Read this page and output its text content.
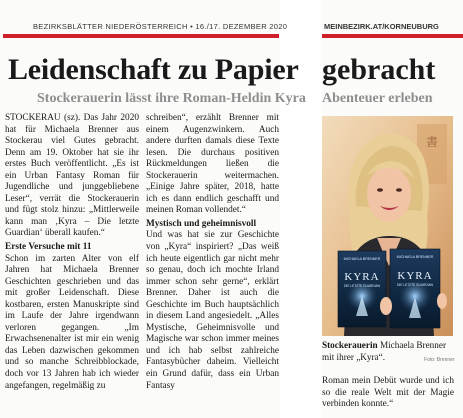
BEZIRKSBLÄTTER NIEDERÖSTERREICH • 16./17. DEZEMBER 2020	MEINBEZIRK.AT/KORNEUBURG
Leidenschaft zu Papier gebracht
Stockerauerin lässt ihre Roman-Heldin Kyra Abenteuer erleben

STOCKERAU (sz). Das Jahr 2020 hat für Michaela Brenner aus Stockerau viel Gutes gebracht. Denn am 19. Oktober hat sie ihr erstes Buch veröffentlicht. „Es ist ein Urban Fantasy Roman für Jugendliche und junggebliebene Leser“, verrät die Stockerauerin und fügt stolz hinzu: „Mittlerweile kann man ‚Kyra – Die letzte Guardian‘ überall kaufen.“

Erste Versuche mit 11

Schon im zarten Alter von elf Jahren hat Michaela Brenner Geschichten geschrieben und das mit großer Leidenschaft. Diese kostbaren, ersten Manuskripte sind im Laufe der Jahre irgendwann verloren gegangen. „Im Erwachsenenalter ist mir ein wenig das Leben dazwischen gekommen und so manche Schreibblockade, doch vor 13 Jahren hab ich wieder angefangen, regelmäßig zu

schreiben“, erzählt Brenner mit einem Augenzwinkern. Auch andere durften damals diese Texte lesen. Die durchaus positiven Rückmeldungen ließen die Stockerauerin weitermachen. „Einige Jahre später, 2018, hatte ich es dann endlich geschafft und meinen Roman vollendet.“

Mystisch und geheimnisvoll

Und was hat sie zur Geschichte von „Kyra“ inspiriert? „Das weiß ich heute eigentlich gar nicht mehr so genau, doch ich mochte Irland immer schon sehr gerne“, erklärt Brenner. Daher ist auch die Geschichte im Buch hauptsächlich in diesem Land angesiedelt. „Alles Mystische, Geheimnisvolle und Magische war schon immer meines und ich hab selbst zahlreiche Fantasybücher daheim. Vielleicht ein Grund dafür, dass ein Urban Fantasy

書
MICHAELA BRENNER
KYRA
DIE LETZTE GUARDIAN
MICHAELA BRENNER
KYRA
DIE LETZTE GUARDIAN
Stockerauerin Michaela Brenner mit ihrer „Kyra“.	Foto: Brenner
Roman mein Debüt wurde und ich so die reale Welt mit der Magie verbinden konnte.“
